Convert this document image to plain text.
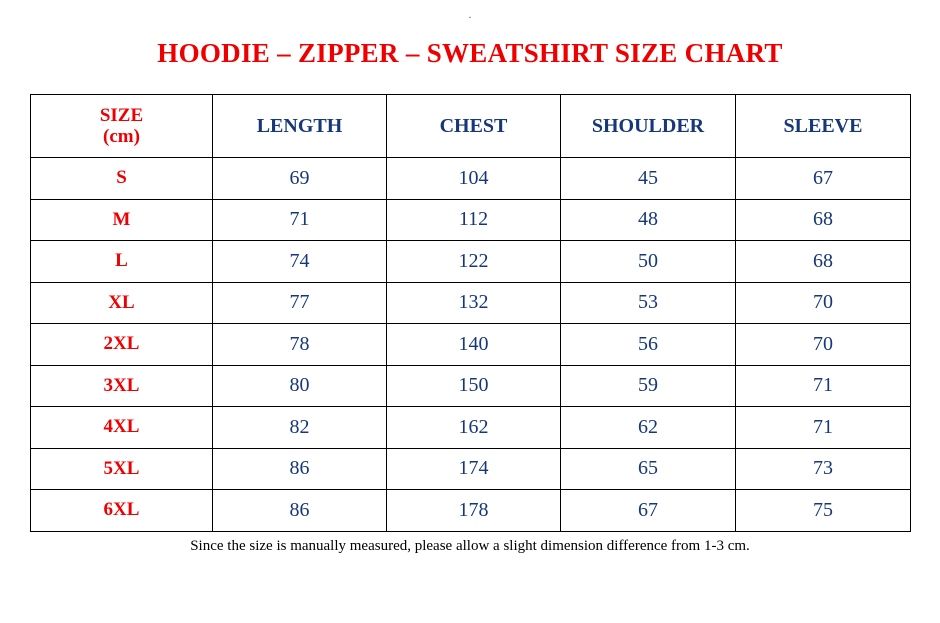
.
HOODIE – ZIPPER – SWEATSHIRT SIZE CHART
SIZE
(cm)	LENGTH	CHEST	SHOULDER	SLEEVE
S	69	104	45	67
M	71	112	48	68
L	74	122	50	68
XL	77	132	53	70
2XL	78	140	56	70
3XL	80	150	59	71
4XL	82	162	62	71
5XL	86	174	65	73
6XL	86	178	67	75
Since the size is manually measured, please allow a slight dimension difference from 1-3 cm.
